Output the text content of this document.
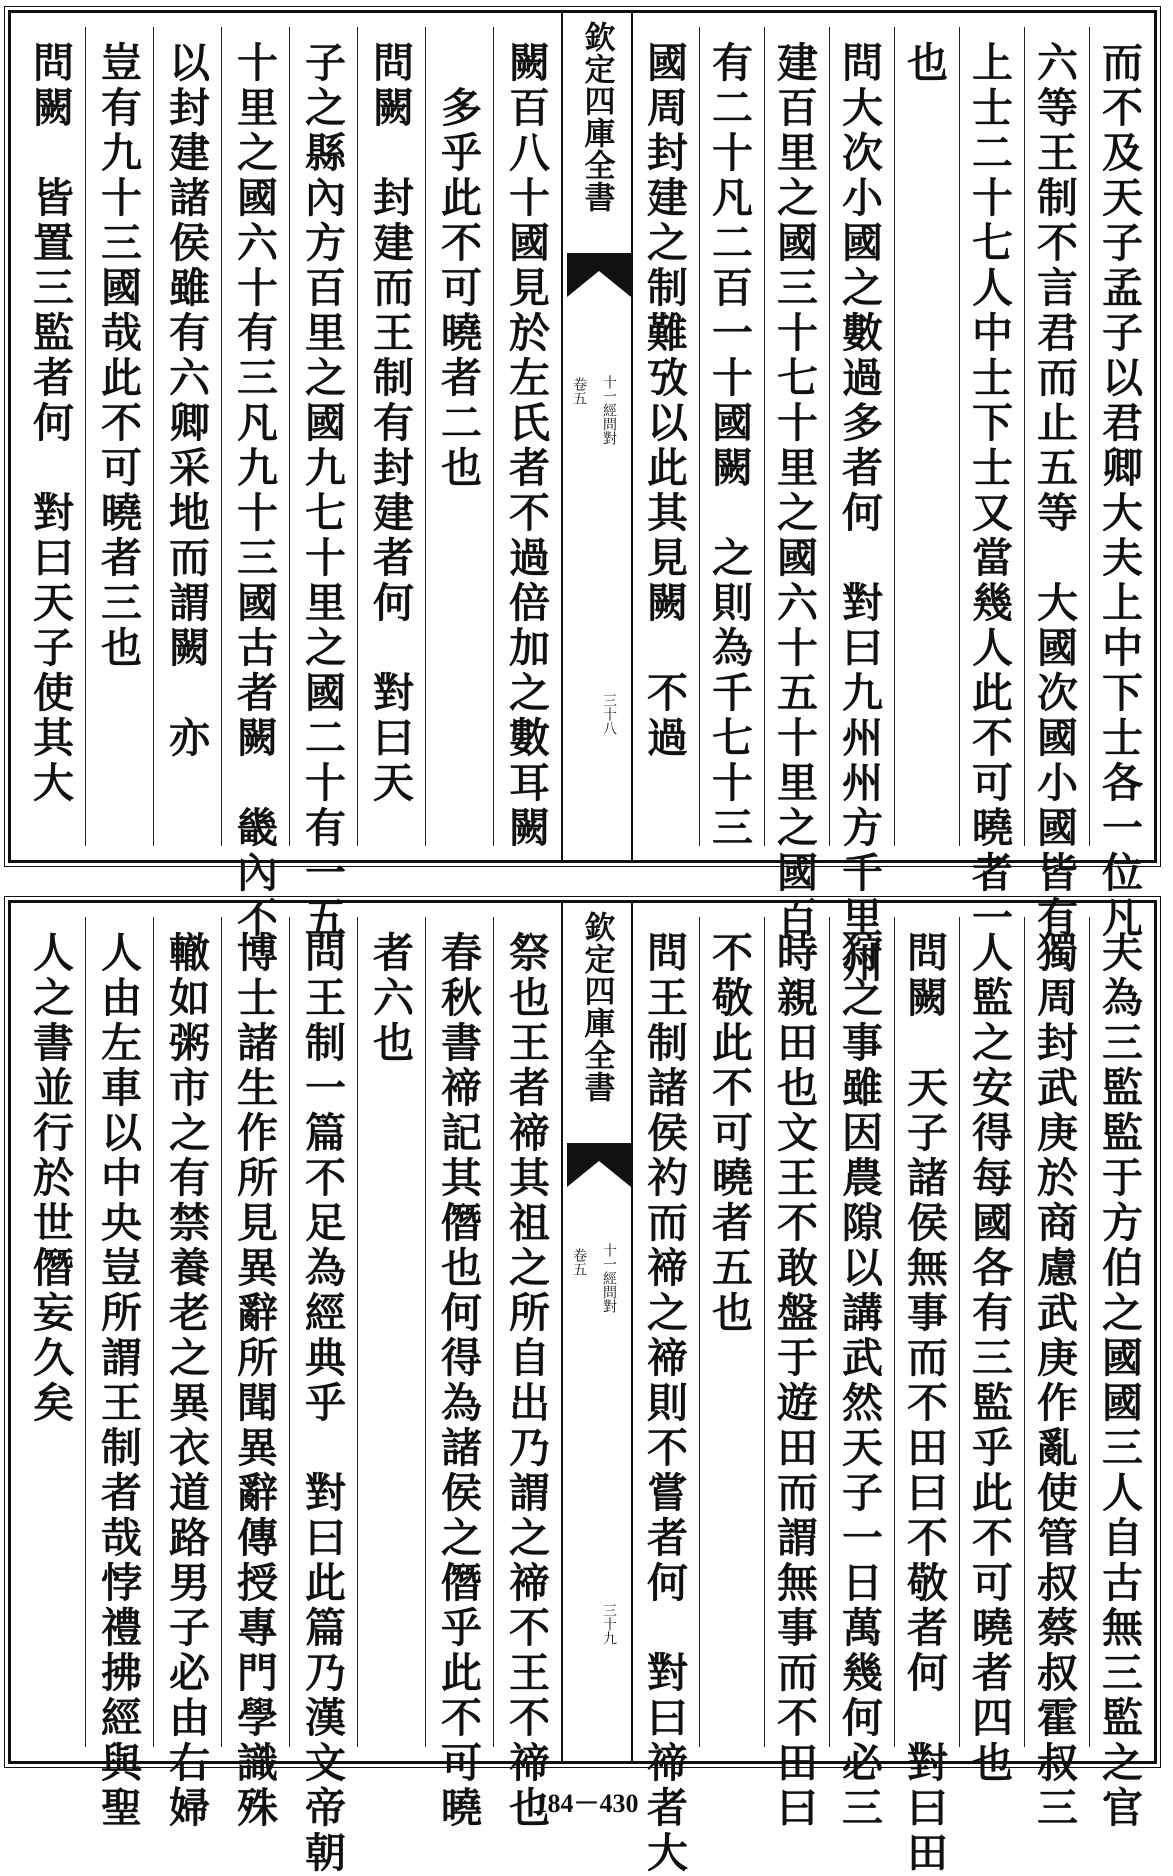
而不及天子孟子以君卿大夫上中下士各一位凡
六等王制不言君而止五等　大國次國小國皆有
上士二十七人中士下士又當幾人此不可曉者一
也
問大次小國之數過多者何　對曰九州州方千里州
建百里之國三十七十里之國六十五十里之國百
有二十凡二百一十國闕　之則為千七十三
國周封建之制難攷以此其見闕　不過
欽定四庫全書
十一經問對
卷五
三十八
闕百八十國見於左氏者不過倍加之數耳闕
　多乎此不可曉者二也
問闕　封建而王制有封建者何　對曰天
子之縣內方百里之國九七十里之國二十有一五
十里之國六十有三凡九十三國古者闕　畿內不
以封建諸侯雖有六卿采地而謂闕　亦
豈有九十三國哉此不可曉者三也
問闕　皆置三監者何　對曰天子使其大
夫為三監監于方伯之國國三人自古無三監之官
獨周封武庚於商慮武庚作亂使管叔蔡叔霍叔三
人監之安得每國各有三監乎此不可曉者四也
問闕　天子諸侯無事而不田曰不敬者何　對曰田
狩之事雖因農隙以講武然天子一日萬幾何必三
時親田也文王不敢盤于遊田而謂無事而不田曰
不敬此不可曉者五也
問王制諸侯礿而禘之禘則不嘗者何　對曰禘者大
欽定四庫全書
十一經問對
卷五
三十九
祭也王者禘其祖之所自出乃謂之禘不王不禘也
春秋書禘記其僭也何得為諸侯之僭乎此不可曉
者六也
問王制一篇不足為經典乎　對曰此篇乃漢文帝朝
博士諸生作所見異辭所聞異辭傳授專門學識殊
轍如粥市之有禁養老之異衣道路男子必由右婦
人由左車以中央豈所謂王制者哉悖禮拂經與聖
人之書並行於世僭妄久矣
184－430
